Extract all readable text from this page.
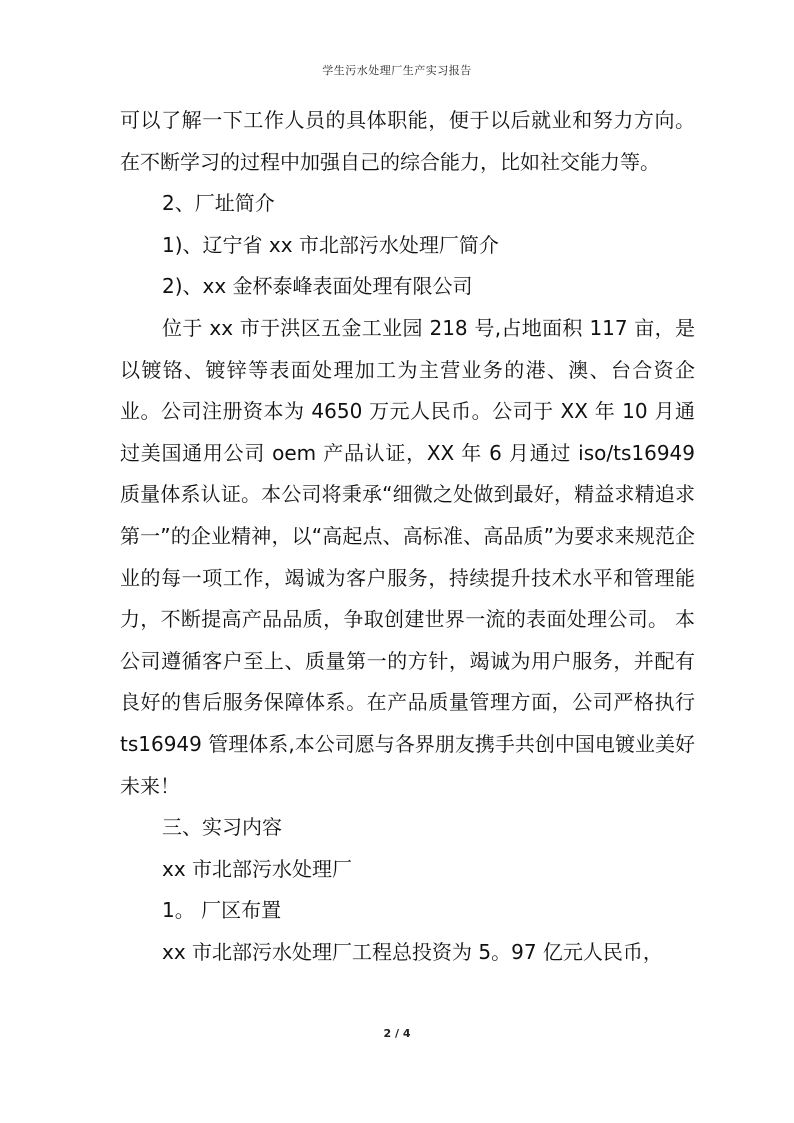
学生污水处理厂生产实习报告

可以了解一下工作人员的具体职能，便于以后就业和努力方向。在不断学习的过程中加强自己的综合能力，比如社交能力等。

2、厂址简介

1)、辽宁省 xx 市北部污水处理厂简介

2)、xx 金杯泰峰表面处理有限公司

位于 xx 市于洪区五金工业园 218 号,占地面积 117 亩，是以镀铬、镀锌等表面处理加工为主营业务的港、澳、台合资企业。公司注册资本为 4650 万元人民币。公司于 XX 年 10 月通过美国通用公司 oem 产品认证，XX 年 6 月通过 iso/ts16949 质量体系认证。本公司将秉承“细微之处做到最好，精益求精追求第一”的企业精神，以“高起点、高标准、高品质”为要求来规范企业的每一项工作，竭诚为客户服务，持续提升技术水平和管理能力，不断提高产品品质，争取创建世界一流的表面处理公司。 本公司遵循客户至上、质量第一的方针，竭诚为用户服务，并配有良好的售后服务保障体系。在产品质量管理方面，公司严格执行 ts16949 管理体系,本公司愿与各界朋友携手共创中国电镀业美好未来！

三、实习内容

xx 市北部污水处理厂

1。 厂区布置

xx 市北部污水处理厂工程总投资为 5。97 亿元人民币，

2 / 4
